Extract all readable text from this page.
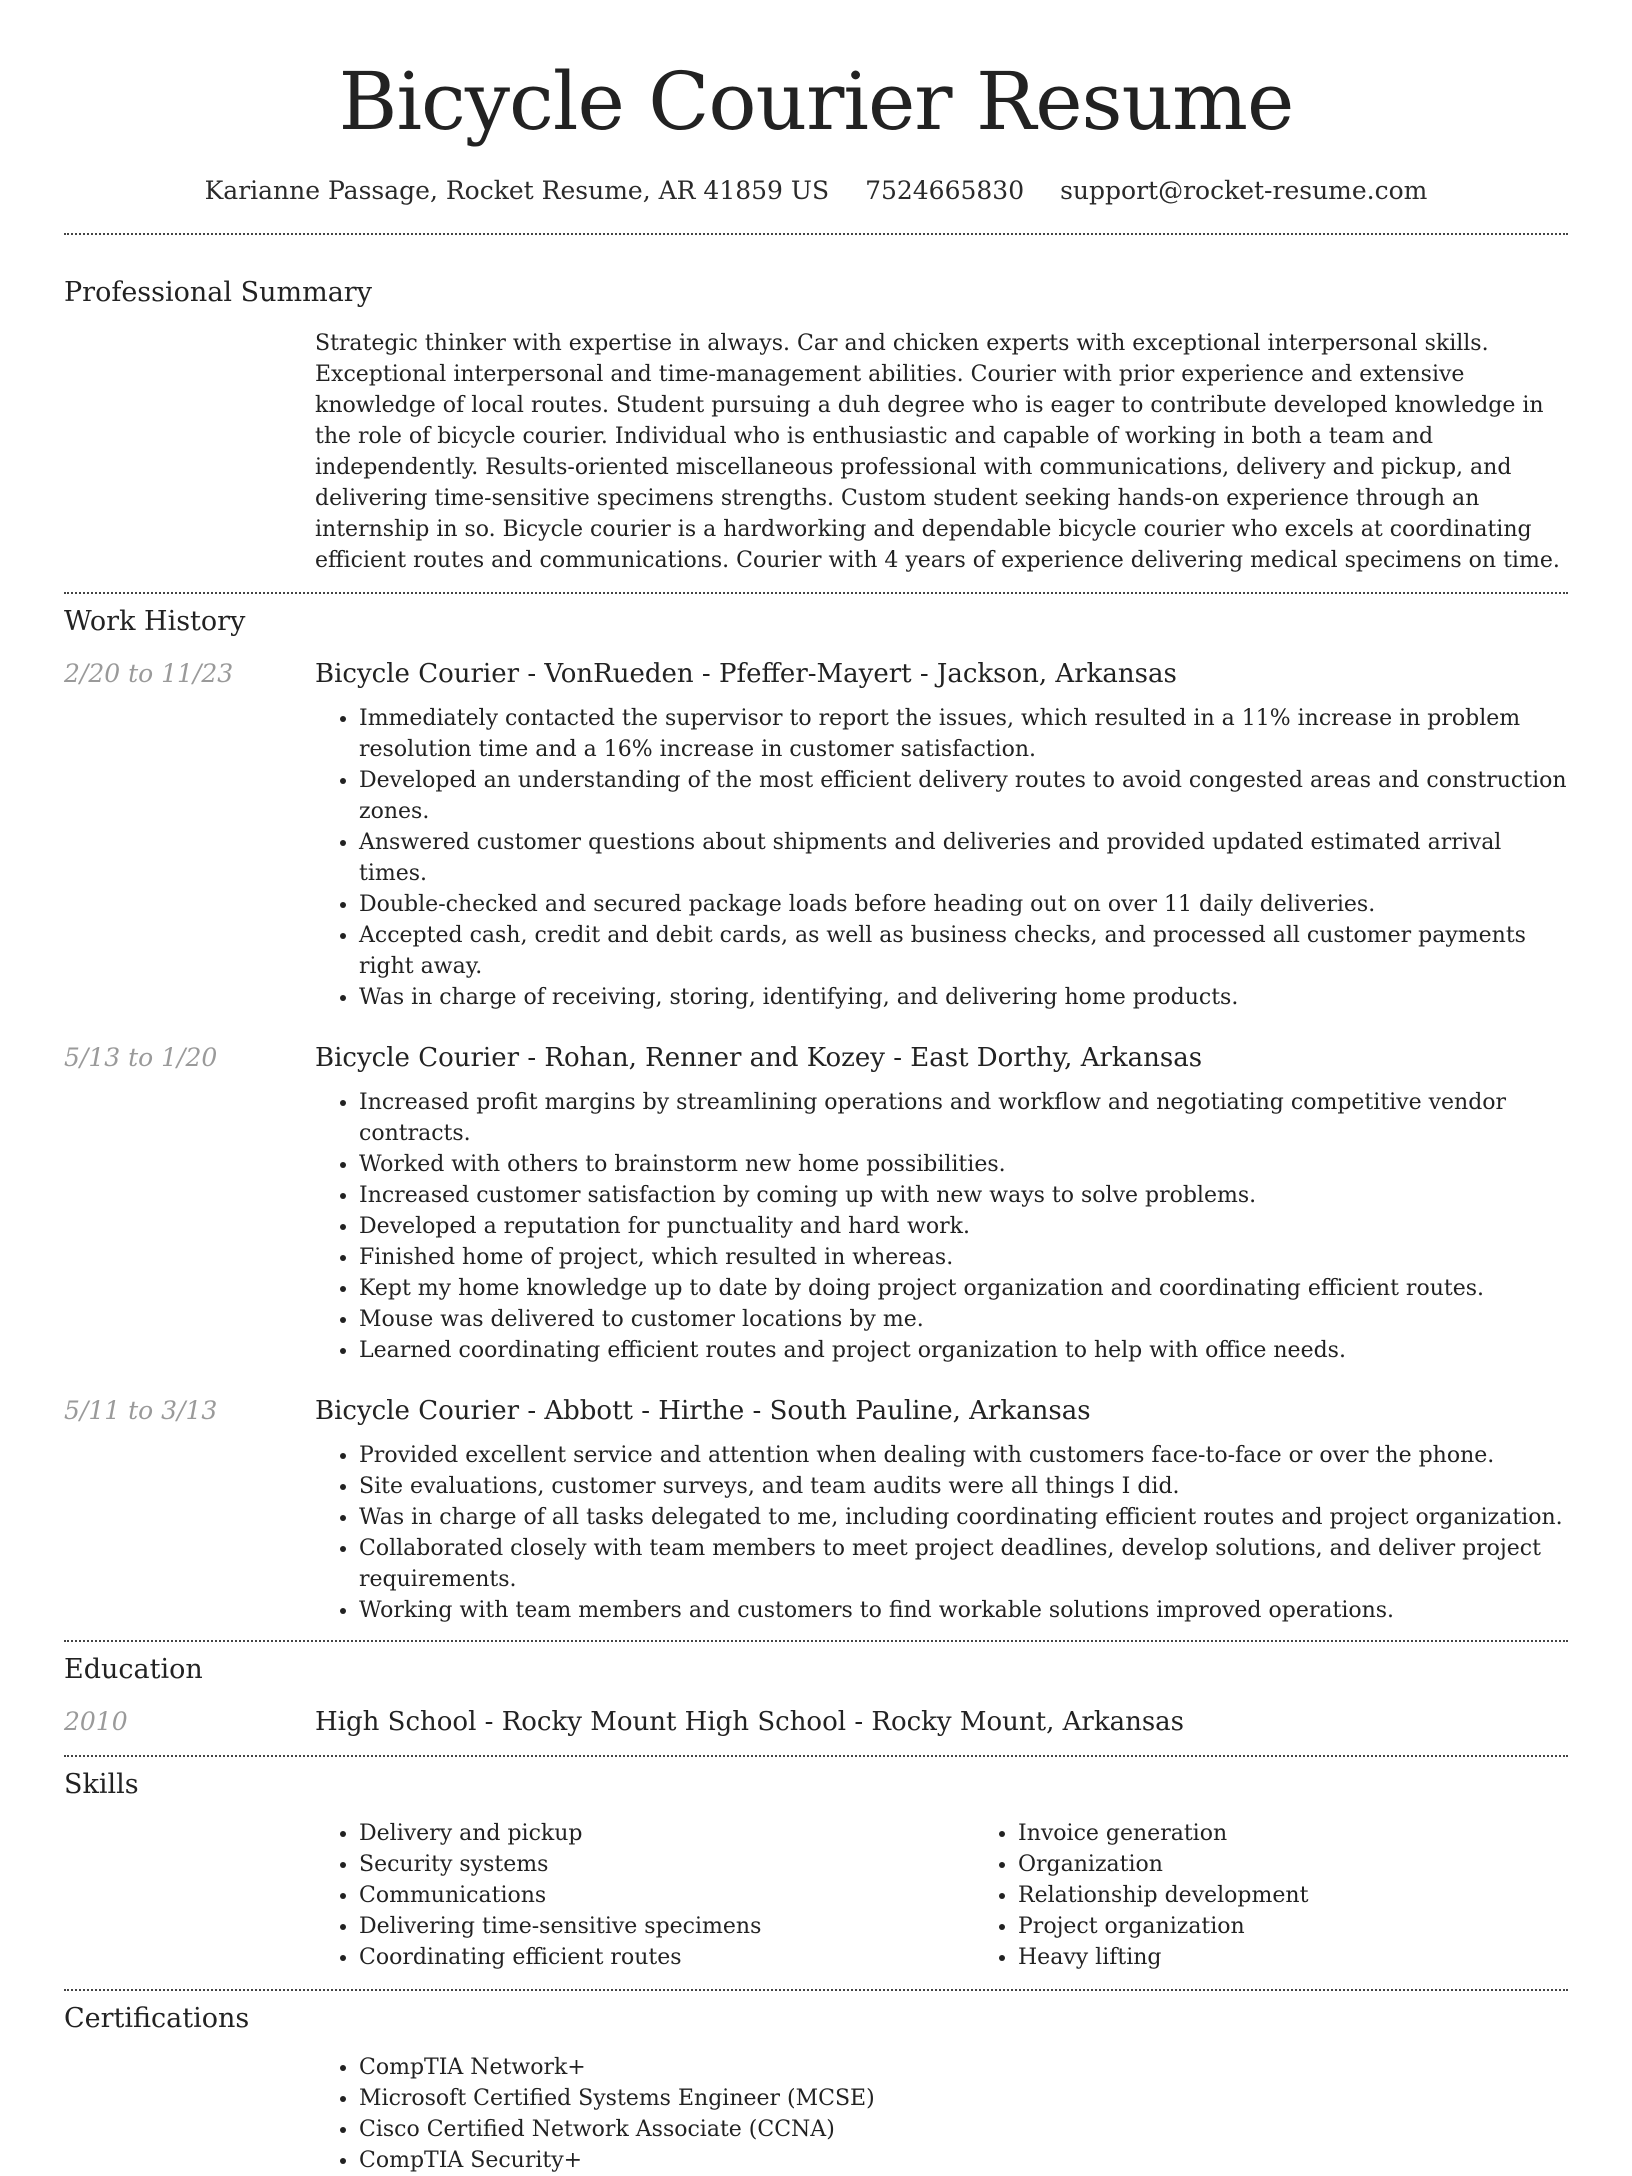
Bicycle Courier Resume
Karianne Passage, Rocket Resume, AR 41859 US 7524665830 support@rocket-resume.com
Professional Summary
Strategic thinker with expertise in always. Car and chicken experts with exceptional interpersonal skills. Exceptional interpersonal and time-management abilities. Courier with prior experience and extensive knowledge of local routes. Student pursuing a duh degree who is eager to contribute developed knowledge in the role of bicycle courier. Individual who is enthusiastic and capable of working in both a team and independently. Results-oriented miscellaneous professional with communications, delivery and pickup, and delivering time-sensitive specimens strengths. Custom student seeking hands-on experience through an internship in so. Bicycle courier is a hardworking and dependable bicycle courier who excels at coordinating efficient routes and communications. Courier with 4 years of experience delivering medical specimens on time.
Work History
2/20 to 11/23	Bicycle Courier - VonRueden - Pfeffer-Mayert - Jackson, Arkansas
• Immediately contacted the supervisor to report the issues, which resulted in a 11% increase in problem resolution time and a 16% increase in customer satisfaction.
• Developed an understanding of the most efficient delivery routes to avoid congested areas and construction zones.
• Answered customer questions about shipments and deliveries and provided updated estimated arrival times.
• Double-checked and secured package loads before heading out on over 11 daily deliveries.
• Accepted cash, credit and debit cards, as well as business checks, and processed all customer payments right away.
• Was in charge of receiving, storing, identifying, and delivering home products.
5/13 to 1/20	Bicycle Courier - Rohan, Renner and Kozey - East Dorthy, Arkansas
• Increased profit margins by streamlining operations and workflow and negotiating competitive vendor contracts.
• Worked with others to brainstorm new home possibilities.
• Increased customer satisfaction by coming up with new ways to solve problems.
• Developed a reputation for punctuality and hard work.
• Finished home of project, which resulted in whereas.
• Kept my home knowledge up to date by doing project organization and coordinating efficient routes.
• Mouse was delivered to customer locations by me.
• Learned coordinating efficient routes and project organization to help with office needs.
5/11 to 3/13	Bicycle Courier - Abbott - Hirthe - South Pauline, Arkansas
• Provided excellent service and attention when dealing with customers face-to-face or over the phone.
• Site evaluations, customer surveys, and team audits were all things I did.
• Was in charge of all tasks delegated to me, including coordinating efficient routes and project organization.
• Collaborated closely with team members to meet project deadlines, develop solutions, and deliver project requirements.
• Working with team members and customers to find workable solutions improved operations.
Education
2010	High School - Rocky Mount High School - Rocky Mount, Arkansas
Skills
• Delivery and pickup
• Security systems
• Communications
• Delivering time-sensitive specimens
• Coordinating efficient routes
• Invoice generation
• Organization
• Relationship development
• Project organization
• Heavy lifting
Certifications
• CompTIA Network+
• Microsoft Certified Systems Engineer (MCSE)
• Cisco Certified Network Associate (CCNA)
• CompTIA Security+
